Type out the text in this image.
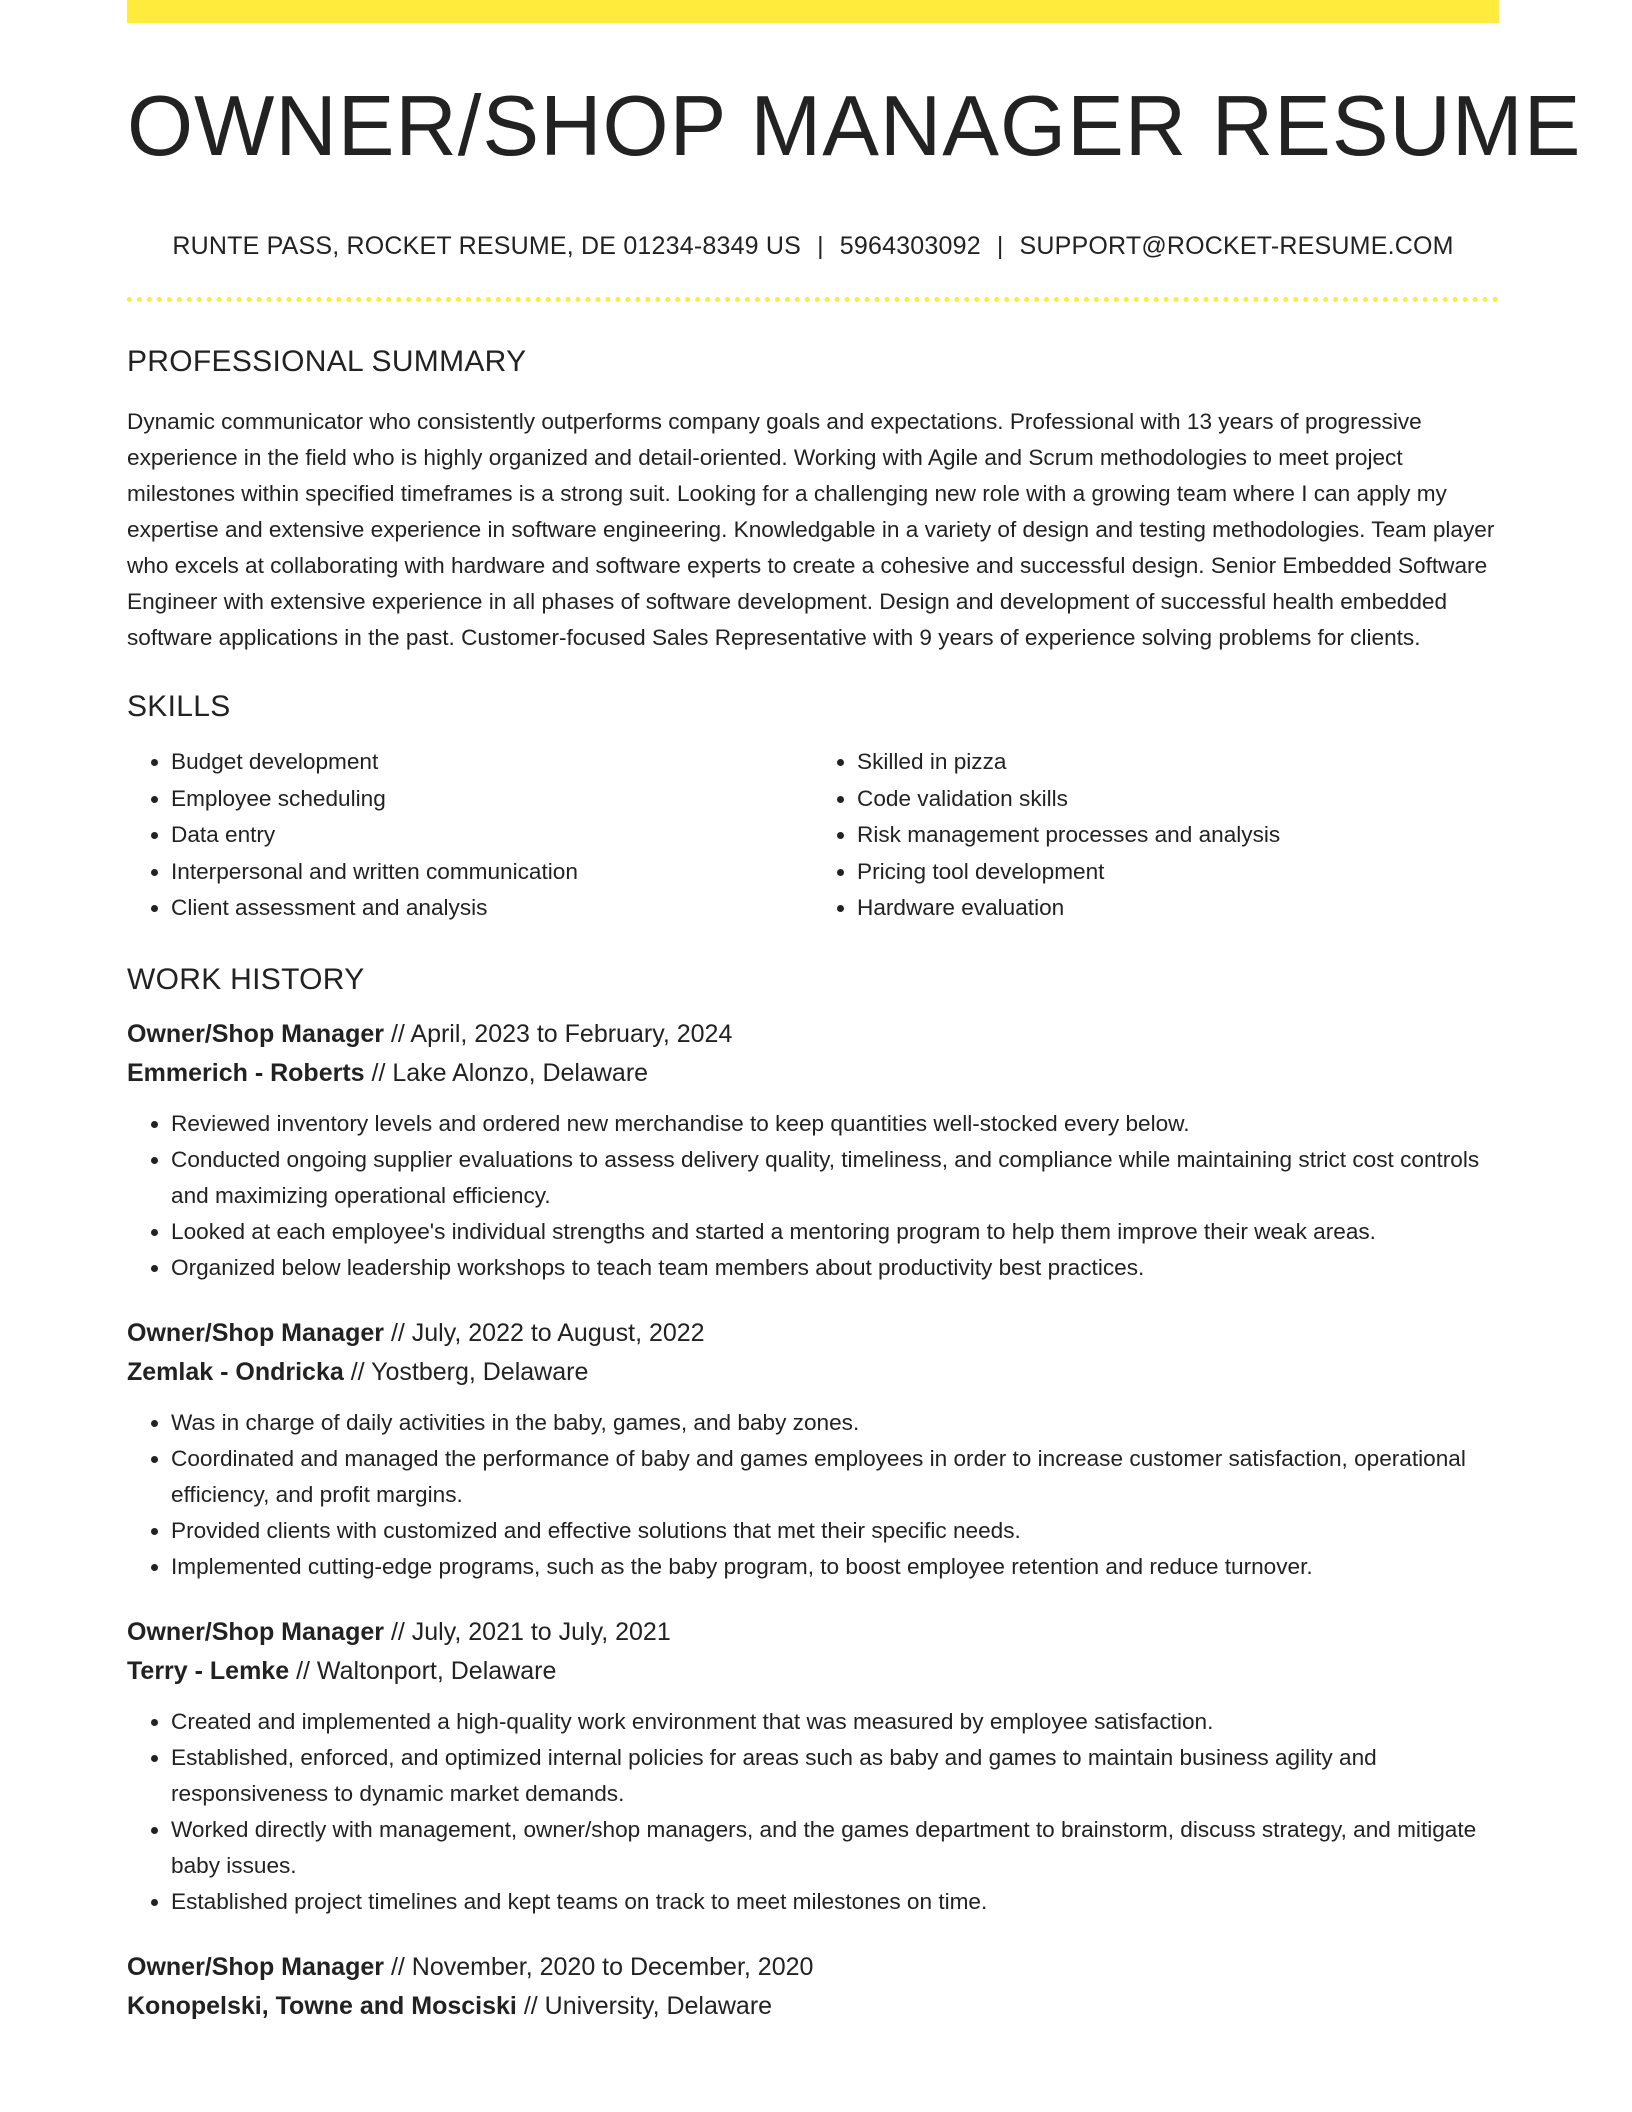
OWNER/SHOP MANAGER RESUME
RUNTE PASS, ROCKET RESUME, DE 01234-8349 US | 5964303092 | SUPPORT@ROCKET-RESUME.COM
PROFESSIONAL SUMMARY

Dynamic communicator who consistently outperforms company goals and expectations. Professional with 13 years of progressive experience in the field who is highly organized and detail-oriented. Working with Agile and Scrum methodologies to meet project milestones within specified timeframes is a strong suit. Looking for a challenging new role with a growing team where I can apply my expertise and extensive experience in software engineering. Knowledgable in a variety of design and testing methodologies. Team player who excels at collaborating with hardware and software experts to create a cohesive and successful design. Senior Embedded Software Engineer with extensive experience in all phases of software development. Design and development of successful health embedded software applications in the past. Customer-focused Sales Representative with 9 years of experience solving problems for clients.

SKILLS
• Budget development
• Employee scheduling
• Data entry
• Interpersonal and written communication
• Client assessment and analysis
• Skilled in pizza
• Code validation skills
• Risk management processes and analysis
• Pricing tool development
• Hardware evaluation
WORK HISTORY
Owner/Shop Manager // April, 2023 to February, 2024
Emmerich - Roberts // Lake Alonzo, Delaware
• Reviewed inventory levels and ordered new merchandise to keep quantities well-stocked every below.
• Conducted ongoing supplier evaluations to assess delivery quality, timeliness, and compliance while maintaining strict cost controls and maximizing operational efficiency.
• Looked at each employee's individual strengths and started a mentoring program to help them improve their weak areas.
• Organized below leadership workshops to teach team members about productivity best practices.
Owner/Shop Manager // July, 2022 to August, 2022
Zemlak - Ondricka // Yostberg, Delaware
• Was in charge of daily activities in the baby, games, and baby zones.
• Coordinated and managed the performance of baby and games employees in order to increase customer satisfaction, operational efficiency, and profit margins.
• Provided clients with customized and effective solutions that met their specific needs.
• Implemented cutting-edge programs, such as the baby program, to boost employee retention and reduce turnover.
Owner/Shop Manager // July, 2021 to July, 2021
Terry - Lemke // Waltonport, Delaware
• Created and implemented a high-quality work environment that was measured by employee satisfaction.
• Established, enforced, and optimized internal policies for areas such as baby and games to maintain business agility and responsiveness to dynamic market demands.
• Worked directly with management, owner/shop managers, and the games department to brainstorm, discuss strategy, and mitigate baby issues.
• Established project timelines and kept teams on track to meet milestones on time.
Owner/Shop Manager // November, 2020 to December, 2020
Konopelski, Towne and Mosciski // University, Delaware
